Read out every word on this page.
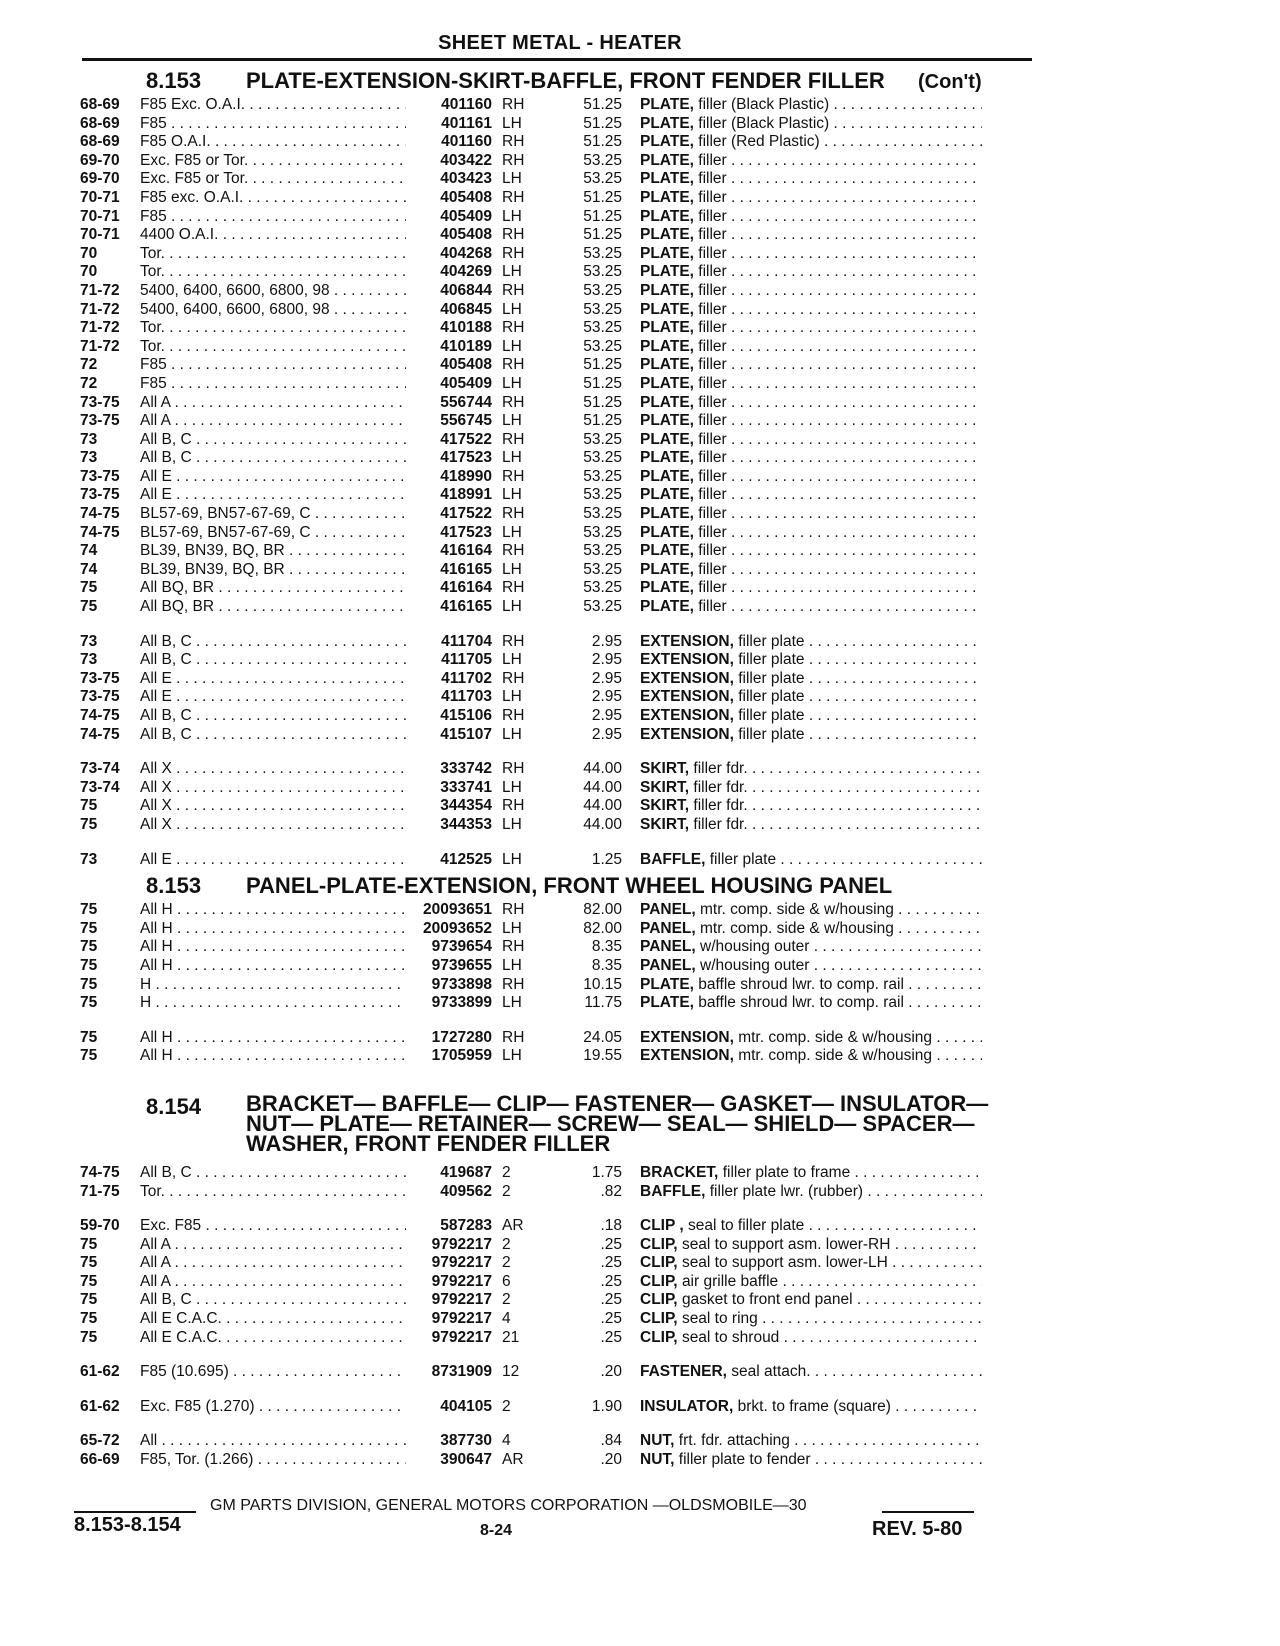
SHEET METAL - HEATER
8.153 PLATE-EXTENSION-SKIRT-BAFFLE, FRONT FENDER FILLER (Con't)
68-69	F85 Exc. O.A.I. . . .	401160 RH	51.25 PLATE, filler (Black Plastic) . . .
68-69	F85 . . .	401161 LH	51.25 PLATE, filler (Black Plastic) . . .
68-69	F85 O.A.I. . . .	401160 RH	51.25 PLATE, filler (Red Plastic) . . .
69-70	Exc. F85 or Tor. . . .	403422 RH	53.25 PLATE, filler . . .
69-70	Exc. F85 or Tor. . . .	403423 LH	53.25 PLATE, filler . . .
70-71	F85 exc. O.A.I. . . .	405408 RH	51.25 PLATE, filler . . .
70-71	F85 . . .	405409 LH	51.25 PLATE, filler . . .
70-71	4400 O.A.I. . . .	405408 RH	51.25 PLATE, filler . . .
70	Tor. . . .	404268 RH	53.25 PLATE, filler . . .
70	Tor. . . .	404269 LH	53.25 PLATE, filler . . .
71-72	5400, 6400, 6600, 6800, 98 . . .	406844 RH	53.25 PLATE, filler . . .
71-72	5400, 6400, 6600, 6800, 98 . . .	406845 LH	53.25 PLATE, filler . . .
71-72	Tor. . . .	410188 RH	53.25 PLATE, filler . . .
71-72	Tor. . . .	410189 LH	53.25 PLATE, filler . . .
72	F85 . . .	405408 RH	51.25 PLATE, filler . . .
72	F85 . . .	405409 LH	51.25 PLATE, filler . . .
73-75	All A . . .	556744 RH	51.25 PLATE, filler . . .
73-75	All A . . .	556745 LH	51.25 PLATE, filler . . .
73	All B, C . . .	417522 RH	53.25 PLATE, filler . . .
73	All B, C . . .	417523 LH	53.25 PLATE, filler . . .
73-75	All E . . .	418990 RH	53.25 PLATE, filler . . .
73-75	All E . . .	418991 LH	53.25 PLATE, filler . . .
74-75	BL57-69, BN57-67-69, C . . .	417522 RH	53.25 PLATE, filler . . .
74-75	BL57-69, BN57-67-69, C . . .	417523 LH	53.25 PLATE, filler . . .
74	BL39, BN39, BQ, BR . . .	416164 RH	53.25 PLATE, filler . . .
74	BL39, BN39, BQ, BR . . .	416165 LH	53.25 PLATE, filler . . .
75	All BQ, BR . . .	416164 RH	53.25 PLATE, filler . . .
75	All BQ, BR . . .	416165 LH	53.25 PLATE, filler . . .
73	All B, C . . .	411704 RH	2.95 EXTENSION, filler plate . . .
73	All B, C . . .	411705 LH	2.95 EXTENSION, filler plate . . .
73-75	All E . . .	411702 RH	2.95 EXTENSION, filler plate . . .
73-75	All E . . .	411703 LH	2.95 EXTENSION, filler plate . . .
74-75	All B, C . . .	415106 RH	2.95 EXTENSION, filler plate . . .
74-75	All B, C . . .	415107 LH	2.95 EXTENSION, filler plate . . .
73-74	All X . . .	333742 RH	44.00 SKIRT, filler fdr. . . .
73-74	All X . . .	333741 LH	44.00 SKIRT, filler fdr. . . .
75	All X . . .	344354 RH	44.00 SKIRT, filler fdr. . . .
75	All X . . .	344353 LH	44.00 SKIRT, filler fdr. . . .
73	All E . . .	412525 LH	1.25 BAFFLE, filler plate . . .
8.153 PANEL-PLATE-EXTENSION, FRONT WHEEL HOUSING PANEL
75	All H . . .	20093651 RH	82.00 PANEL, mtr. comp. side & w/housing . . .
75	All H . . .	20093652 LH	82.00 PANEL, mtr. comp. side & w/housing . . .
75	All H . . .	9739654 RH	8.35 PANEL, w/housing outer . . .
75	All H . . .	9739655 LH	8.35 PANEL, w/housing outer . . .
75	H . . .	9733898 RH	10.15 PLATE, baffle shroud lwr. to comp. rail . . .
75	H . . .	9733899 LH	11.75 PLATE, baffle shroud lwr. to comp. rail . . .
75	All H . . .	1727280 RH	24.05 EXTENSION, mtr. comp. side & w/housing . . .
75	All H . . .	1705959 LH	19.55 EXTENSION, mtr. comp. side & w/housing . . .
8.154 BRACKET— BAFFLE— CLIP— FASTENER— GASKET— INSULATOR—
NUT— PLATE— RETAINER— SCREW— SEAL— SHIELD— SPACER—
WASHER, FRONT FENDER FILLER
74-75	All B, C . . .	419687 2	1.75 BRACKET, filler plate to frame . . .
71-75	Tor. . . .	409562 2	.82 BAFFLE, filler plate lwr. (rubber) . . .
59-70	Exc. F85 . . .	587283 AR	.18 CLIP , seal to filler plate . . .
75	All A . . .	9792217 2	.25 CLIP, seal to support asm. lower-RH . . .
75	All A . . .	9792217 2	.25 CLIP, seal to support asm. lower-LH . . .
75	All A . . .	9792217 6	.25 CLIP, air grille baffle . . .
75	All B, C . . .	9792217 2	.25 CLIP, gasket to front end panel . . .
75	All E C.A.C. . . .	9792217 4	.25 CLIP, seal to ring . . .
75	All E C.A.C. . . .	9792217 21	.25 CLIP, seal to shroud . . .
61-62	F85 (10.695) . . .	8731909 12	.20 FASTENER, seal attach. . . .
61-62	Exc. F85 (1.270) . . .	404105 2	1.90 INSULATOR, brkt. to frame (square) . . .
65-72	All . . .	387730 4	.84 NUT, frt. fdr. attaching . . .
66-69	F85, Tor. (1.266) . . .	390647 AR	.20 NUT, filler plate to fender . . .
GM PARTS DIVISION, GENERAL MOTORS CORPORATION —OLDSMOBILE—30
8.153-8.154	8-24	REV. 5-80
